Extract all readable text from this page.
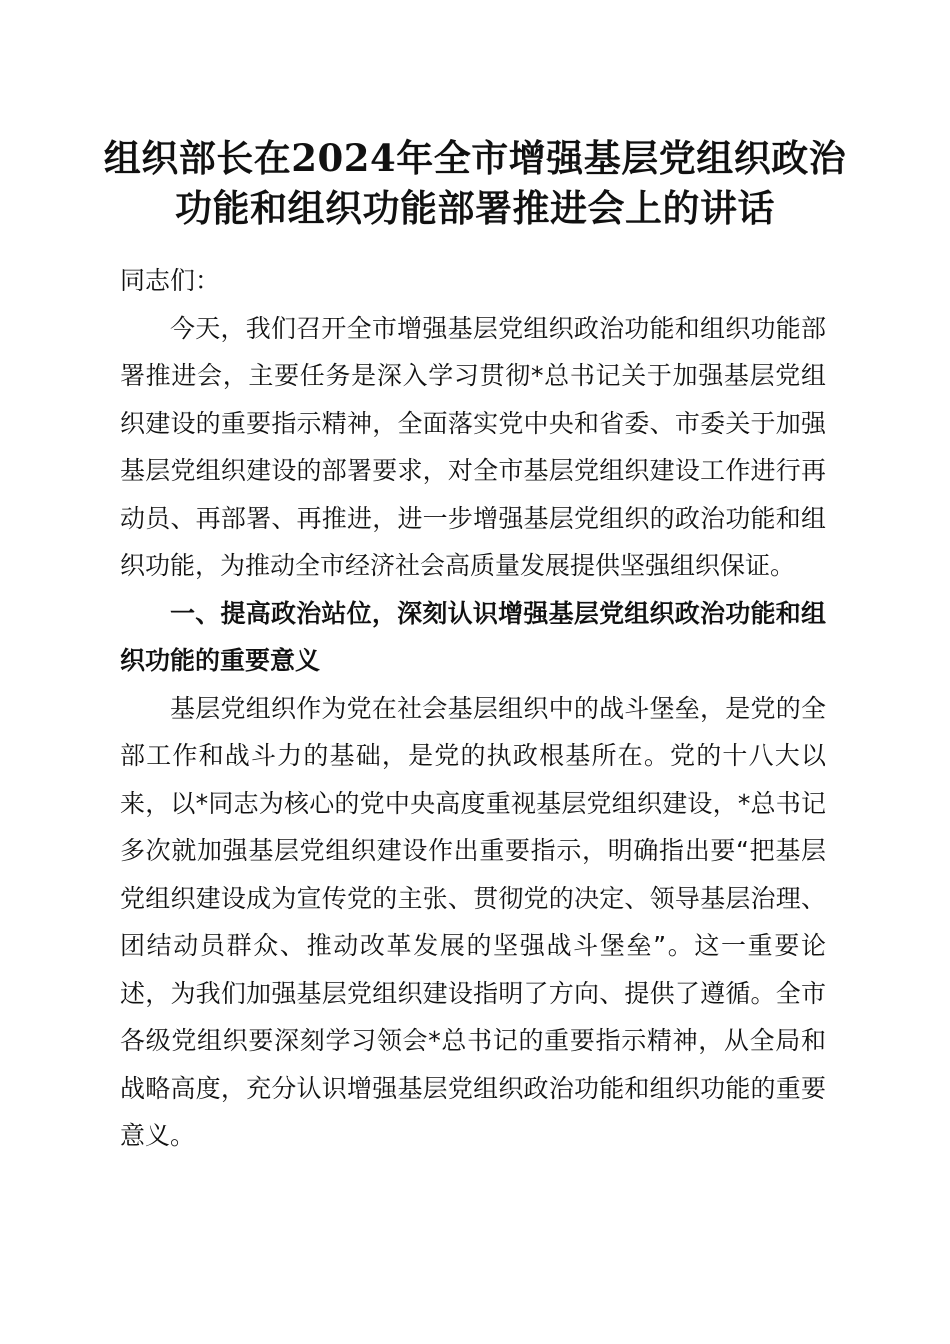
组织部长在2024年全市增强基层党组织政治
功能和组织功能部署推进会上的讲话

同志们：

今天，我们召开全市增强基层党组织政治功能和组织功能部署推进会，主要任务是深入学习贯彻*总书记关于加强基层党组织建设的重要指示精神，全面落实党中央和省委、市委关于加强基层党组织建设的部署要求，对全市基层党组织建设工作进行再动员、再部署、再推进，进一步增强基层党组织的政治功能和组织功能，为推动全市经济社会高质量发展提供坚强组织保证。

一、提高政治站位，深刻认识增强基层党组织政治功能和组织功能的重要意义

基层党组织作为党在社会基层组织中的战斗堡垒，是党的全部工作和战斗力的基础，是党的执政根基所在。党的十八大以来，以*同志为核心的党中央高度重视基层党组织建设，*总书记多次就加强基层党组织建设作出重要指示，明确指出要“把基层党组织建设成为宣传党的主张、贯彻党的决定、领导基层治理、团结动员群众、推动改革发展的坚强战斗堡垒”。这一重要论述，为我们加强基层党组织建设指明了方向、提供了遵循。全市各级党组织要深刻学习领会*总书记的重要指示精神，从全局和战略高度，充分认识增强基层党组织政治功能和组织功能的重要意义。
